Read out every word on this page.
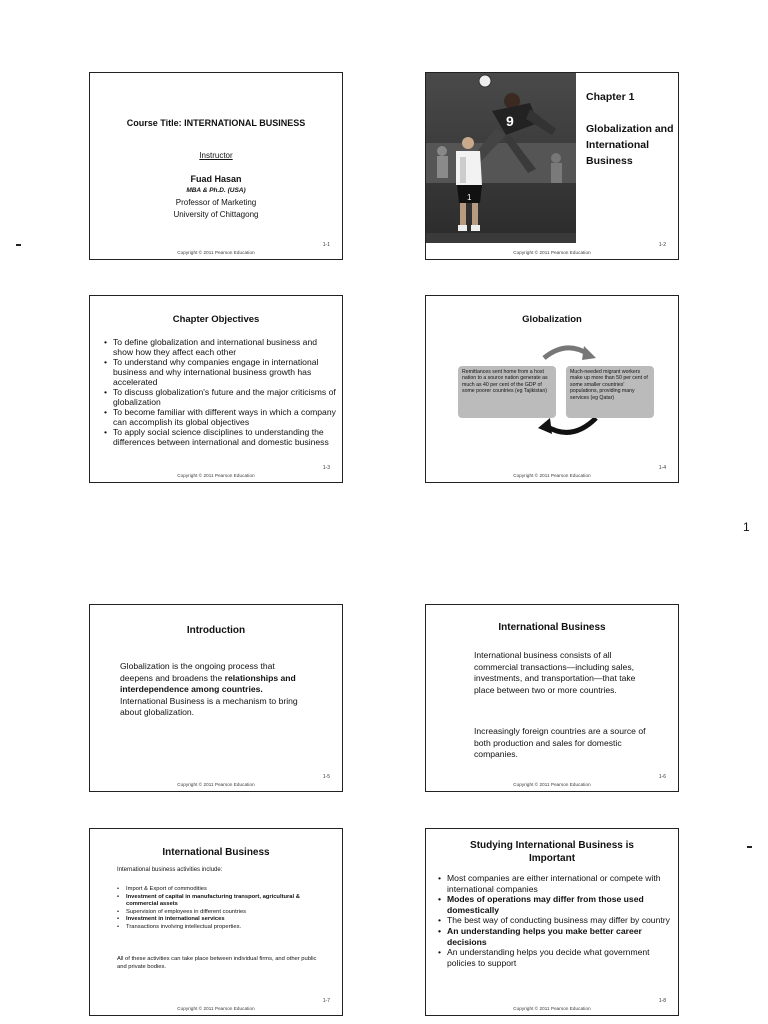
Course Title: INTERNATIONAL BUSINESS
Instructor
Fuad Hasan
MBA & Ph.D. (USA)
Professor of Marketing
University of Chittagong
1-1
Copyright © 2011 Pearson Education
9
1
Chapter 1
Globalization and International Business
1-2
Copyright © 2011 Pearson Education
Chapter Objectives
• To define globalization and international business and show how they affect each other
• To understand why companies engage in international business and why international business growth has accelerated
• To discuss globalization's future and the major criticisms of globalization
• To become familiar with different ways in which a company can accomplish its global objectives
• To apply social science disciplines to understanding the differences between international and domestic business
1-3
Copyright © 2011 Pearson Education
Globalization
Remittances sent home from a host nation to a source nation generate as much as 40 per cent of the GDP of some poorer countries (eg Tajikistan)
Much-needed migrant workers make up more than 50 per cent of some smaller countries' populations, providing many services (eg Qatar)
1-4
Copyright © 2011 Pearson Education
Introduction
Globalization is the ongoing process that deepens and broadens the relationships and interdependence among countries. International Business is a mechanism to bring about globalization.
1-5
Copyright © 2011 Pearson Education
International Business
International business consists of all commercial transactions—including sales, investments, and transportation—that take place between two or more countries.
Increasingly foreign countries are a source of both production and sales for domestic companies.
1-6
Copyright © 2011 Pearson Education
International Business
International business activities include:
• Import & Export of commodities
• Investment of capital in manufacturing transport, agricultural & commercial assets
• Supervision of employees in different countries
• Investment in international services
• Transactions involving intellectual properties.
All of these activities can take place between individual firms, and other public and private bodies.
1-7
Copyright © 2011 Pearson Education
Studying International Business is Important
• Most companies are either international or compete with international companies
• Modes of operations may differ from those used domestically
• The best way of conducting business may differ by country
• An understanding helps you make better career decisions
• An understanding helps you decide what government policies to support
1-8
Copyright © 2011 Pearson Education
1
